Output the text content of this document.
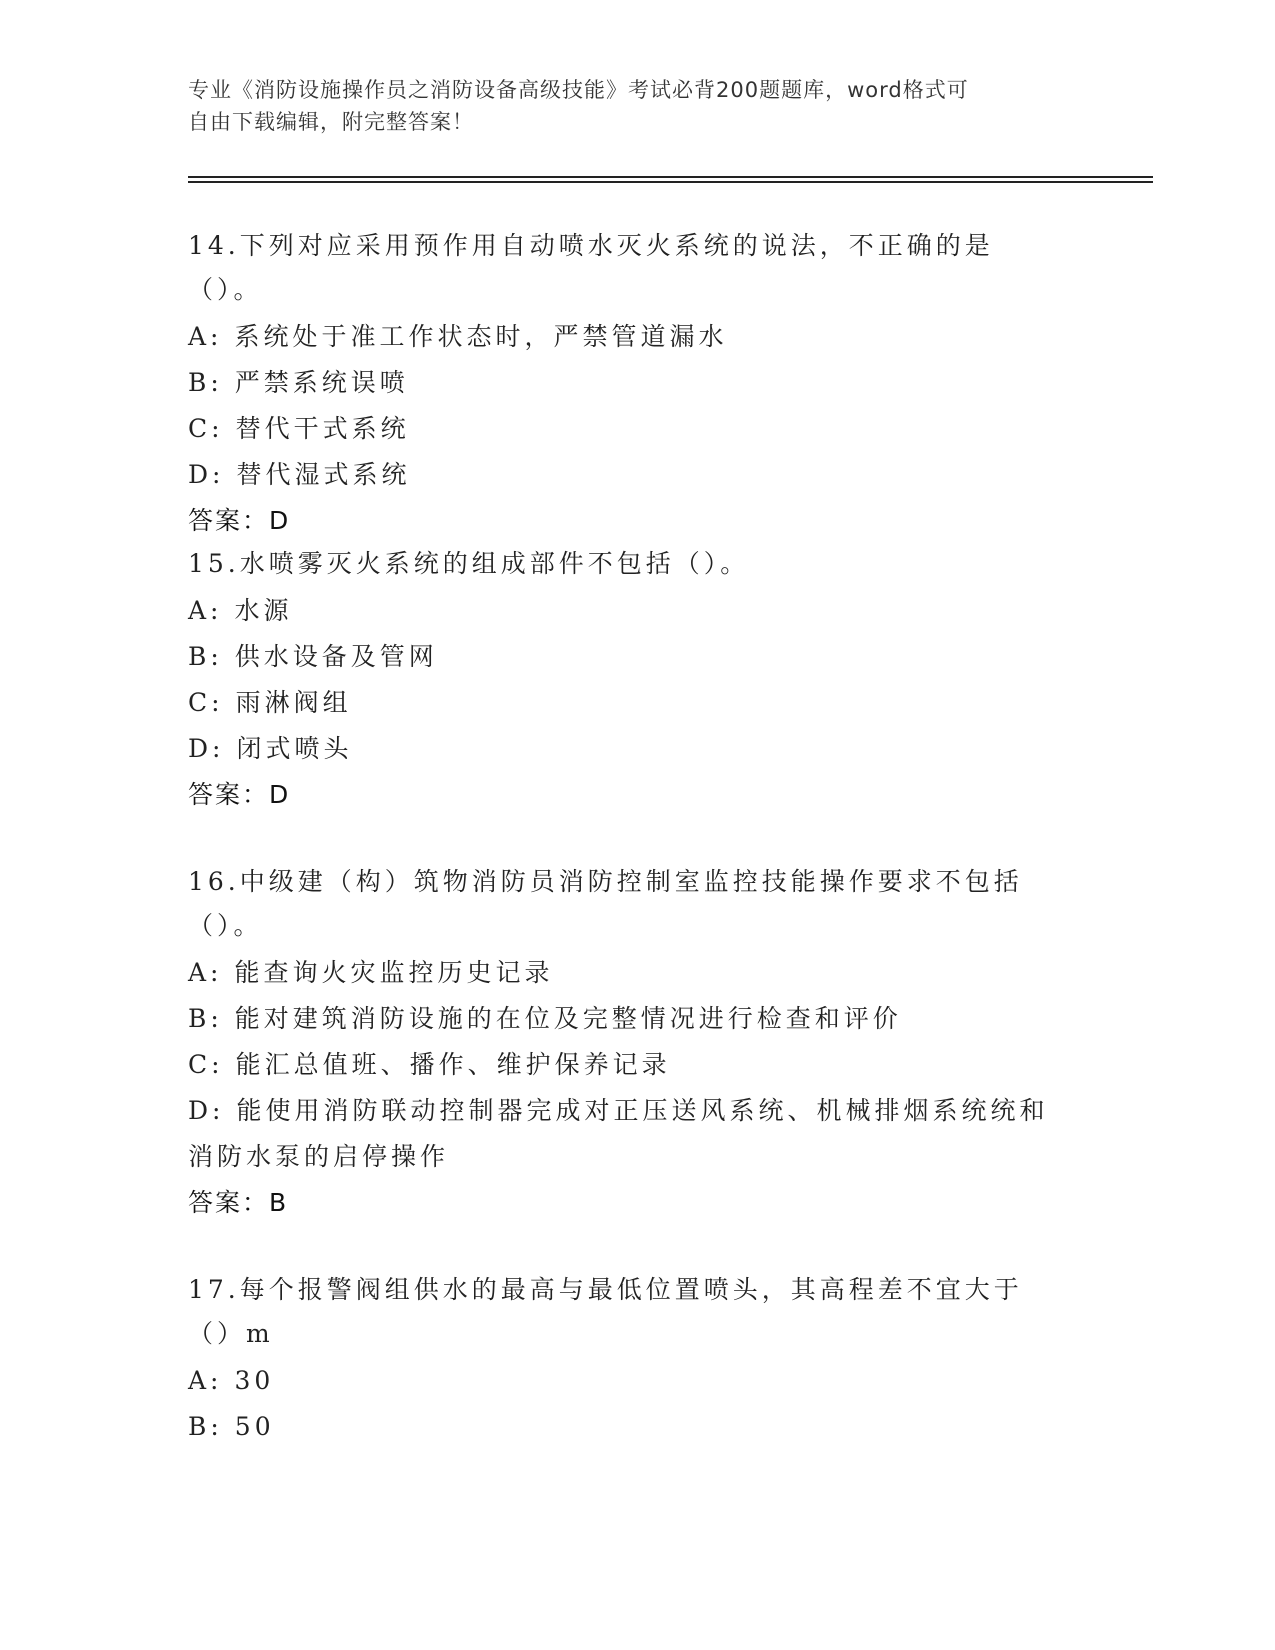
专业《消防设施操作员之消防设备高级技能》考试必背200题题库，word格式可
自由下载编辑，附完整答案！
14.下列对应采用预作用自动喷水灭火系统的说法，不正确的是（）。
A: 系统处于准工作状态时，严禁管道漏水
B: 严禁系统误喷
C: 替代干式系统
D: 替代湿式系统
答案：D
15.水喷雾灭火系统的组成部件不包括（）。
A: 水源
B: 供水设备及管网
C: 雨淋阀组
D: 闭式喷头
答案：D
16.中级建（构）筑物消防员消防控制室监控技能操作要求不包括（）。
A: 能查询火灾监控历史记录
B: 能对建筑消防设施的在位及完整情况进行检查和评价
C: 能汇总值班、播作、维护保养记录
D: 能使用消防联动控制器完成对正压送风系统、机械排烟系统统和消防水泵的启停操作
答案：B
17.每个报警阀组供水的最高与最低位置喷头，其高程差不宜大于（）m
A: 30
B: 50
